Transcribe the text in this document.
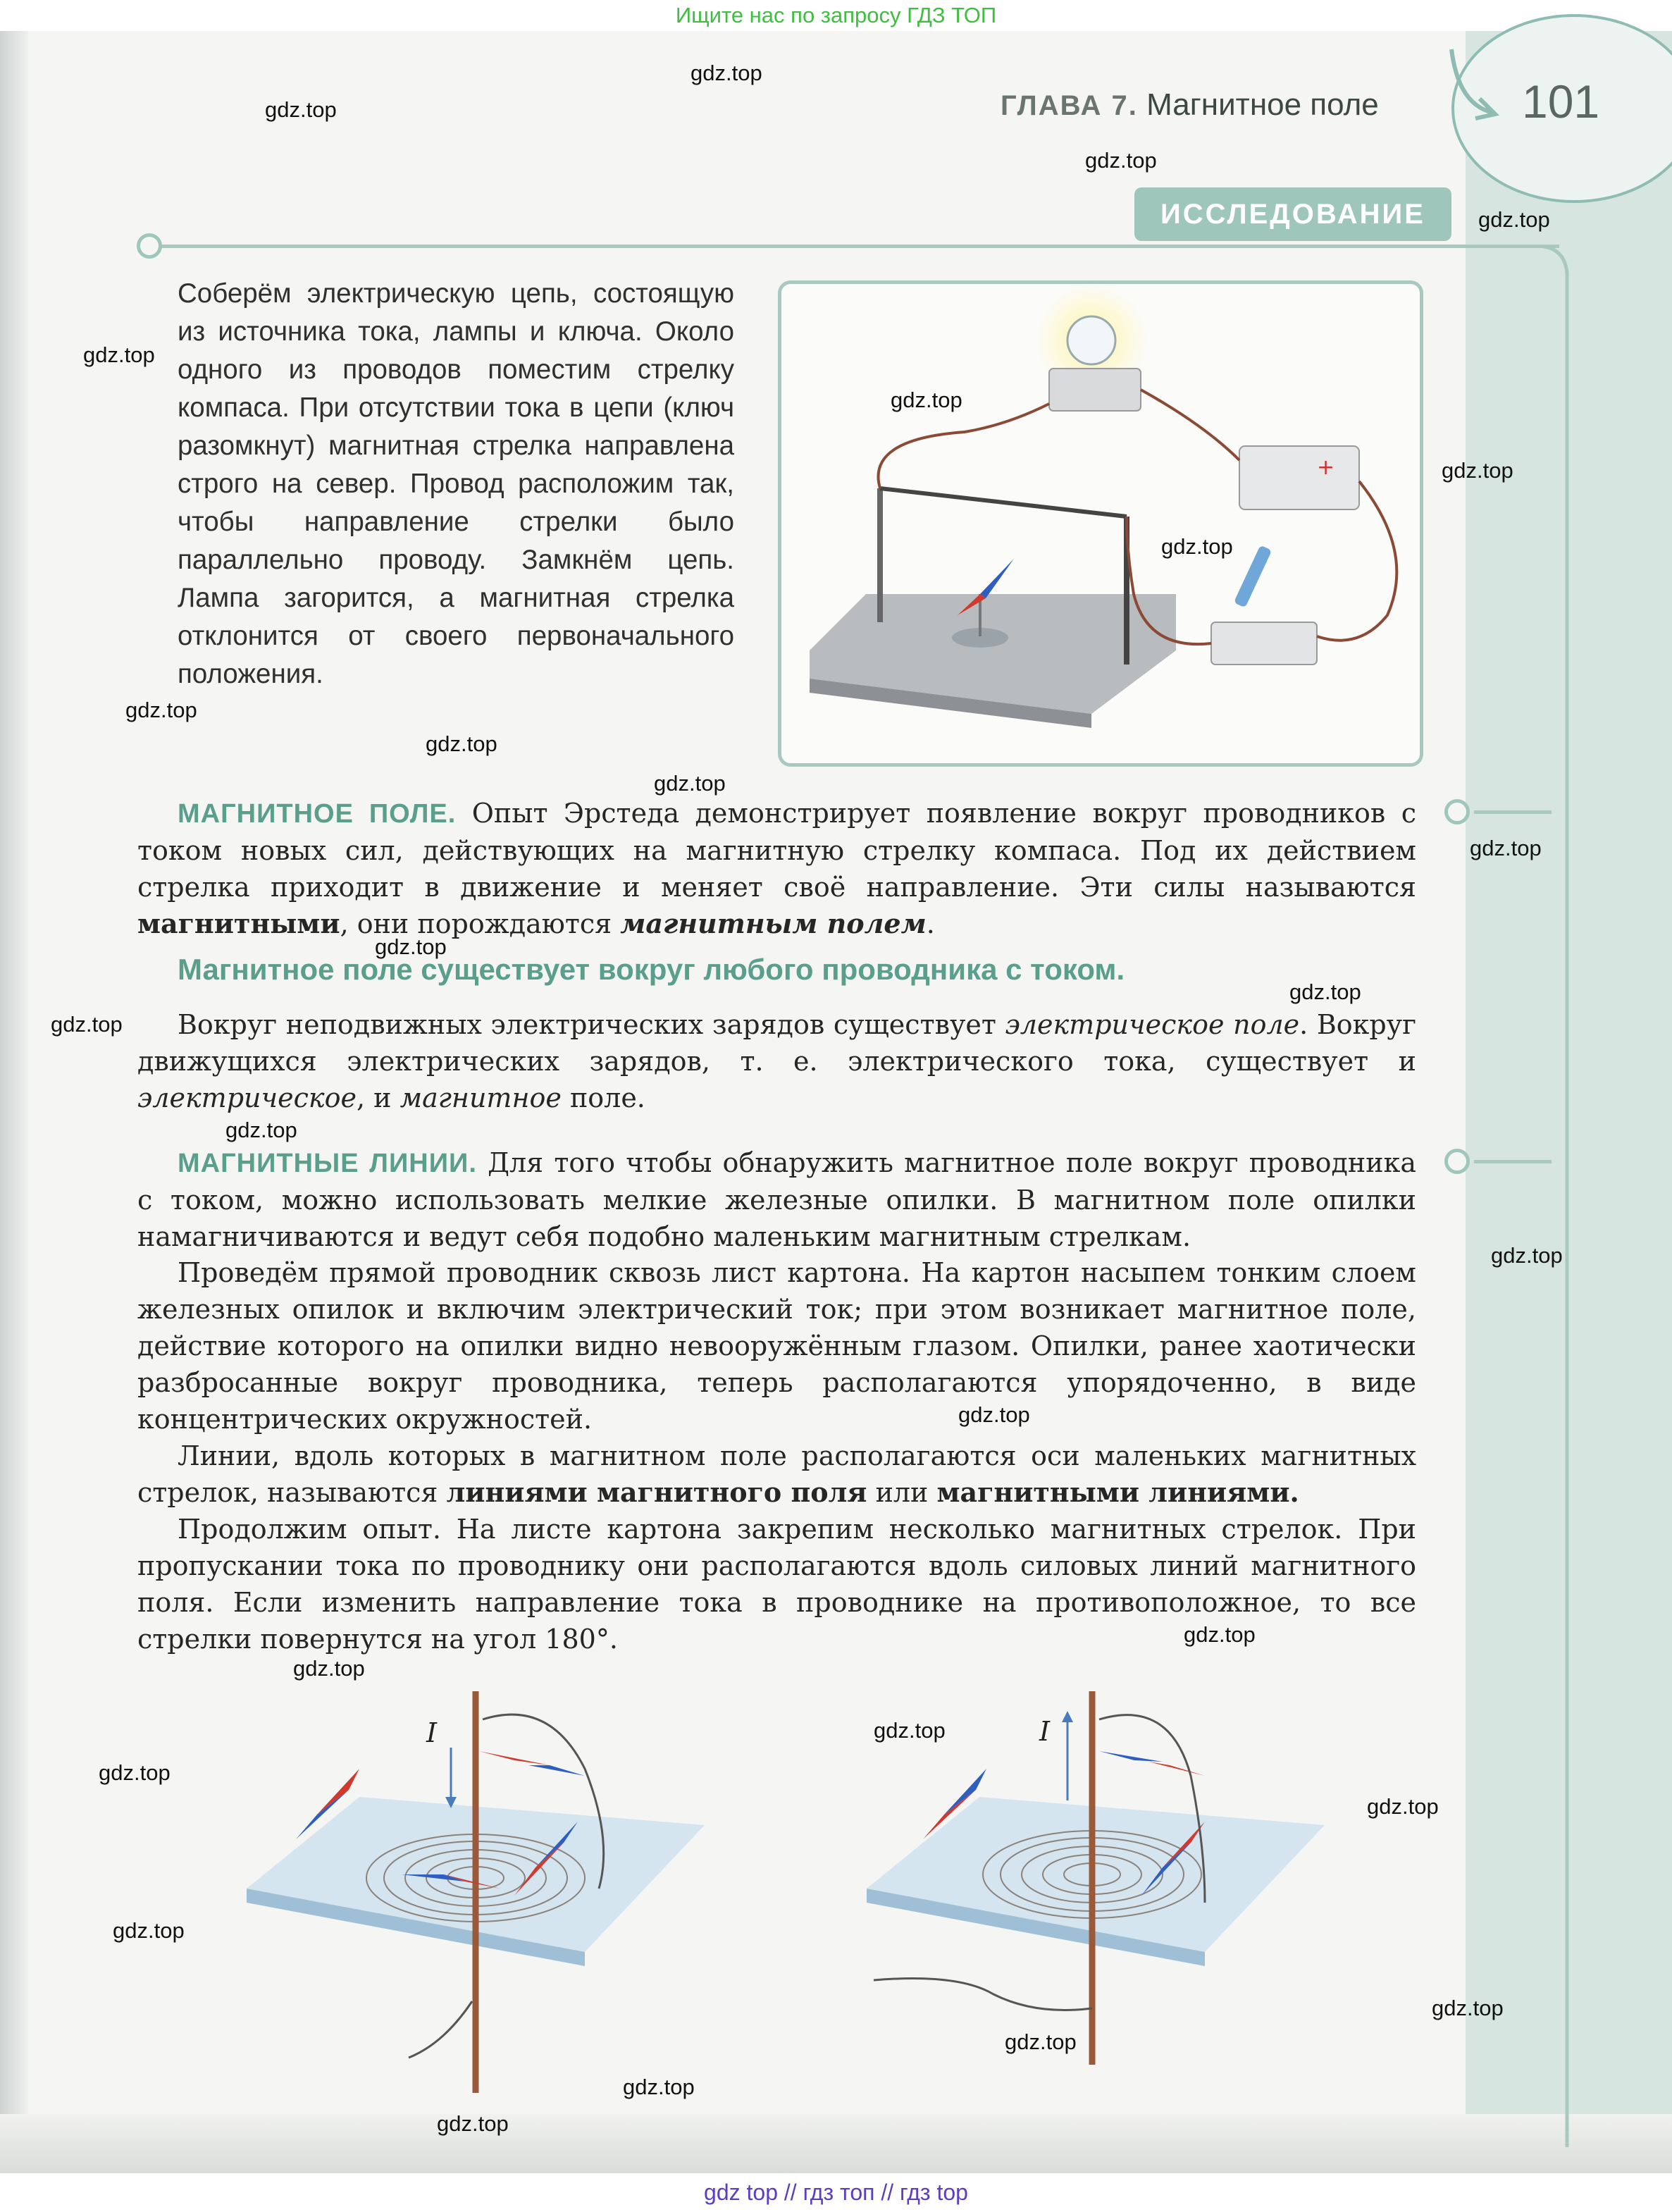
Ищите нас по запросу ГДЗ ТОП
101
ГЛАВА 7. Магнитное поле
ИССЛЕДОВАНИЕ
Соберём электрическую цепь, состоящую из источника тока, лампы и ключа. Около одного из проводов поместим стрелку компаса. При отсутствии тока в цепи (ключ разомкнут) магнитная стрелка направлена строго на север. Провод расположим так, чтобы направление стрелки было параллельно проводу. Замкнём цепь. Лампа загорится, а магнитная стрелка отклонится от своего первоначального положения.
+
МАГНИТНОЕ ПОЛЕ. Опыт Эрстеда демонстрирует появление вокруг проводников с током новых сил, действующих на магнитную стрелку компаса. Под их действием стрелка приходит в движение и меняет своё направление. Эти силы называются магнитными, они порождаются магнитным полем.
Магнитное поле существует вокруг любого проводника с током.
Вокруг неподвижных электрических зарядов существует электрическое поле. Вокруг движущихся электрических зарядов, т. е. электрического тока, существует и электрическое, и магнитное поле.
МАГНИТНЫЕ ЛИНИИ. Для того чтобы обнаружить магнитное поле вокруг проводника с током, можно использовать мелкие железные опилки. В магнитном поле опилки намагничиваются и ведут себя подобно маленьким магнитным стрелкам.
Проведём прямой проводник сквозь лист картона. На картон насыпем тонким слоем железных опилок и включим электрический ток; при этом возникает магнитное поле, действие которого на опилки видно невооружённым глазом. Опилки, ранее хаотически разбросанные вокруг проводника, теперь располагаются упорядоченно, в виде концентрических окружностей.
Линии, вдоль которых в магнитном поле располагаются оси маленьких магнитных стрелок, называются линиями магнитного поля или магнитными линиями.
Продолжим опыт. На листе картона закрепим несколько магнитных стрелок. При пропускании тока по проводнику они располагаются вдоль силовых линий магнитного поля. Если изменить направление тока в проводнике на противоположное, то все стрелки повернутся на угол 180°.
I	I
gdz.top
gdz.top
gdz.top
gdz.top
gdz.top
gdz.top
gdz.top
gdz.top
gdz.top
gdz.top
gdz.top
gdz.top
gdz.top
gdz.top
gdz.top
gdz.top
gdz.top
gdz.top
gdz.top
gdz.top
gdz.top
gdz.top
gdz.top
gdz.top
gdz.top
gdz.top
gdz.top
gdz.top
gdz top // гдз топ // гдз top
